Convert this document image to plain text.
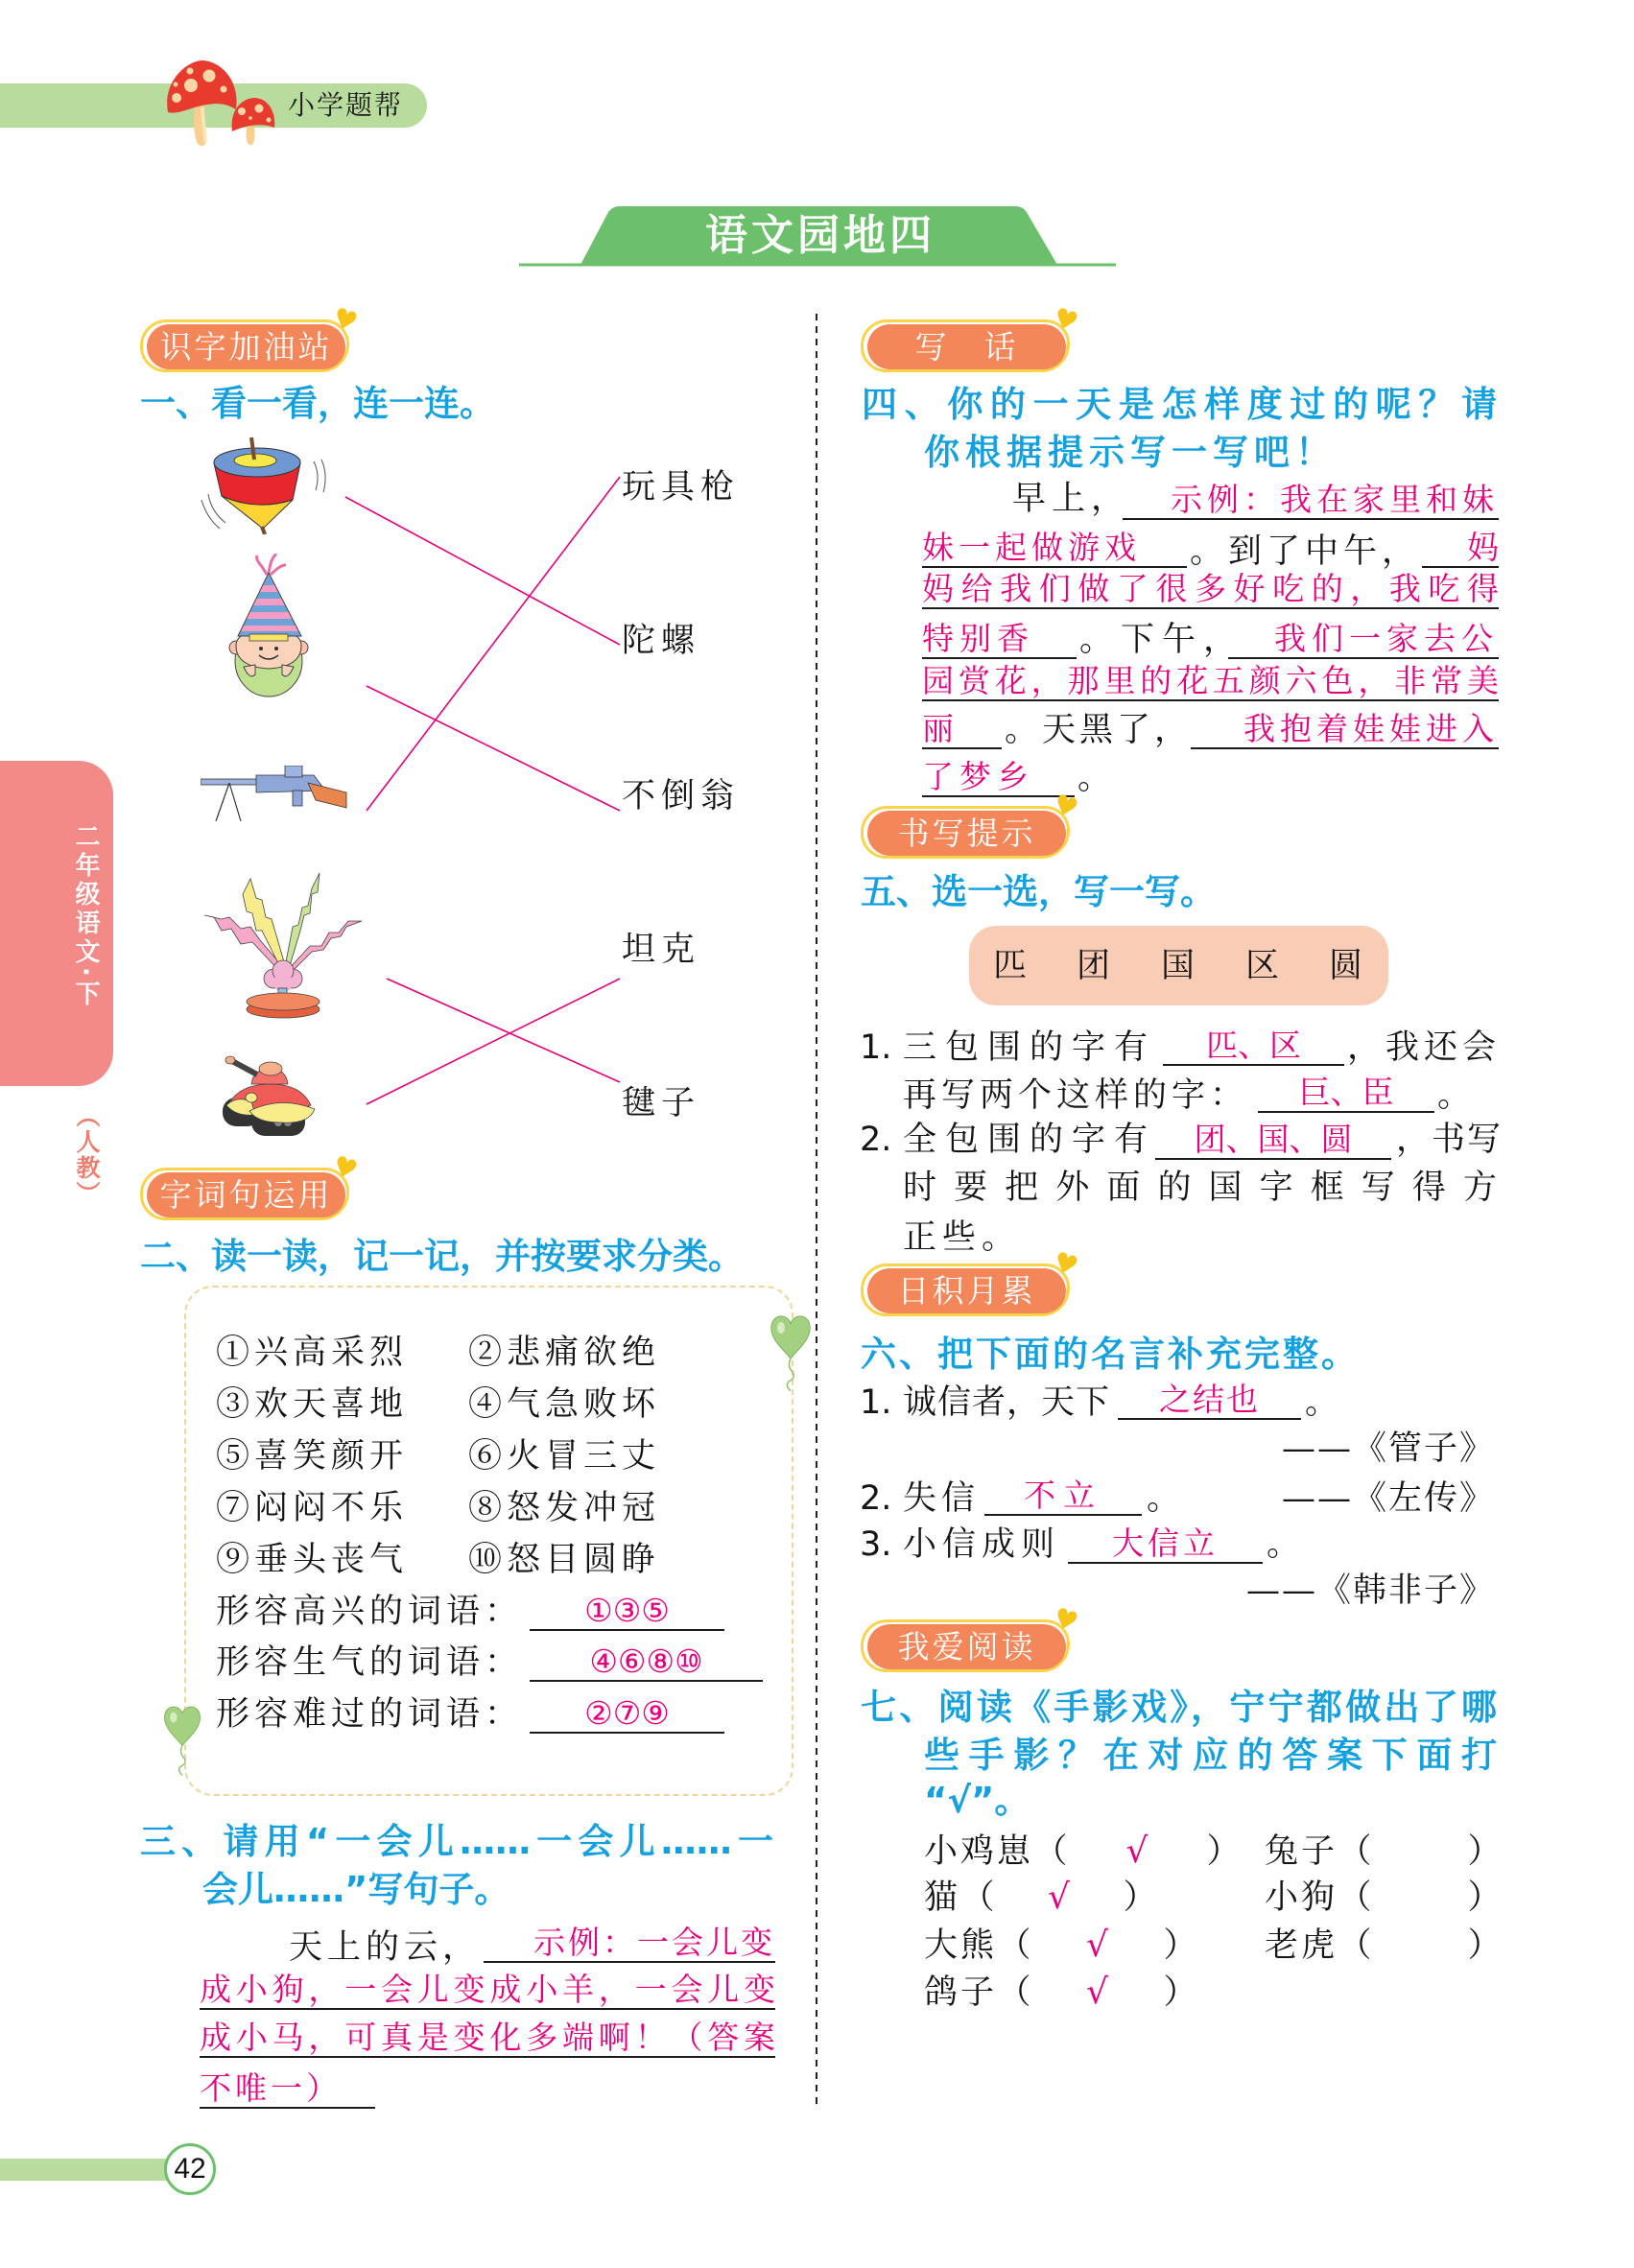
小学题帮
语文园地四
二年级语文·下
（人教）
识字加油站
♥
一、看一看，连一连。
玩具枪
陀螺
不倒翁
坦克
毽子
字词句运用
♥
二、读一读，记一记，并按要求分类。
①兴高采烈 ②悲痛欲绝
③欢天喜地 ④气急败坏
⑤喜笑颜开 ⑥火冒三丈
⑦闷闷不乐 ⑧怒发冲冠
⑨垂头丧气 ⑩怒目圆睁
形容高兴的词语：	①③⑤
形容生气的词语：	④⑥⑧⑩
形容难过的词语：	②⑦⑨
三、请用“一会儿……一会儿……一
会儿……”写句子。
天上的云，	示例：一会儿变
成小狗，一会儿变成小羊，一会儿变
成小马，可真是变化多端啊！（答案
不唯一）
写　话
♥
四、你的一天是怎样度过的呢？请
你根据提示写一写吧！
早上，	示例：我在家里和妹
妹一起做游戏	。到了中午，	妈
妈给我们做了很多好吃的，我吃得
特别香	。下午， 我们一家去公
园赏花，那里的花五颜六色，非常美
丽	。天黑了，	我抱着娃娃进入
了梦乡	。
书写提示
♥
五、选一选，写一写。
匹 团 国 区 圆
1. 三包围的字有	匹、区	，我还会
再写两个这样的字：	巨、臣	。
2. 全包围的字有	团、国、圆	，书写
时要把外面的国字框写得方
正些。
日积月累
♥
六、把下面的名言补充完整。
1. 诚信者，天下	之结也	。
——《管子》
2. 失信	不立	。	——《左传》
3. 小信成则	大信立	。
——《韩非子》
我爱阅读
♥
七、阅读《手影戏》，宁宁都做出了哪
些手影？在对应的答案下面打
“√”。
小鸡崽 （	√	） 兔子 （	）
猫 （	√	）	小狗 （	）
大熊 （	√	） 老虎 （	）
鸽子 （	√	）
42
